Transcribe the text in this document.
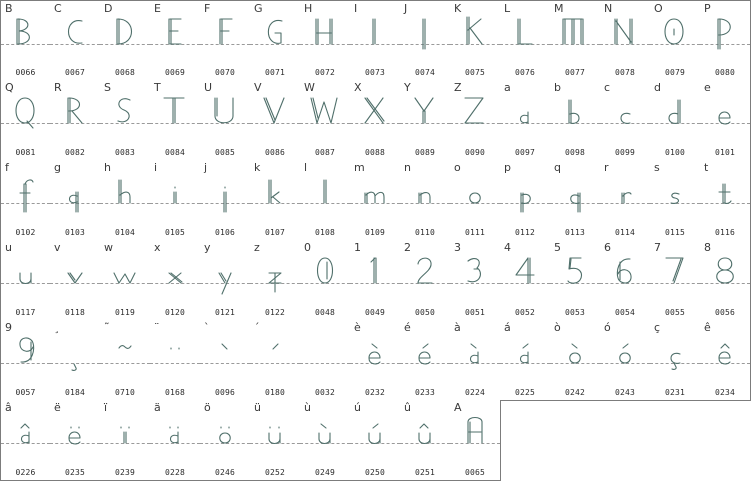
B
0066
C
0067
D
0068
E
0069
F
0070
G
0071
H
0072
I
0073
J
0074
K
0075
L
0076
M
0077
N
0078
O
0079
P
0080
Q
0081
R
0082
S
0083
T
0084
U
0085
V
0086
W
0087
X
0088
Y
0089
Z
0090
a
0097
b
0098
c
0099
d
0100
e
0101
f
0102
g
0103
h
0104
i
0105
j
0106
k
0107
l
0108
m
0109
n
0110
o
0111
p
0112
q
0113
r
0114
s
0115
t
0116
u
0117
v
0118
w
0119
x
0120
y
0121
z
0122
0
0048
1
0049
2
0050
3
0051
4
0052
5
0053
6
0054
7
0055
8
0056
9
0057
¸
0184
˜
0710
¨
0168
`
0096
´
0180	0032
è
0232
é
0233
à
0224
á
0225
ò
0242
ó
0243
ç
0231
ê
0234
â
0226
ë
0235
ï
0239
ä
0228
ö
0246
ü
0252
ù
0249
ú
0250
û
0251
A
0065
